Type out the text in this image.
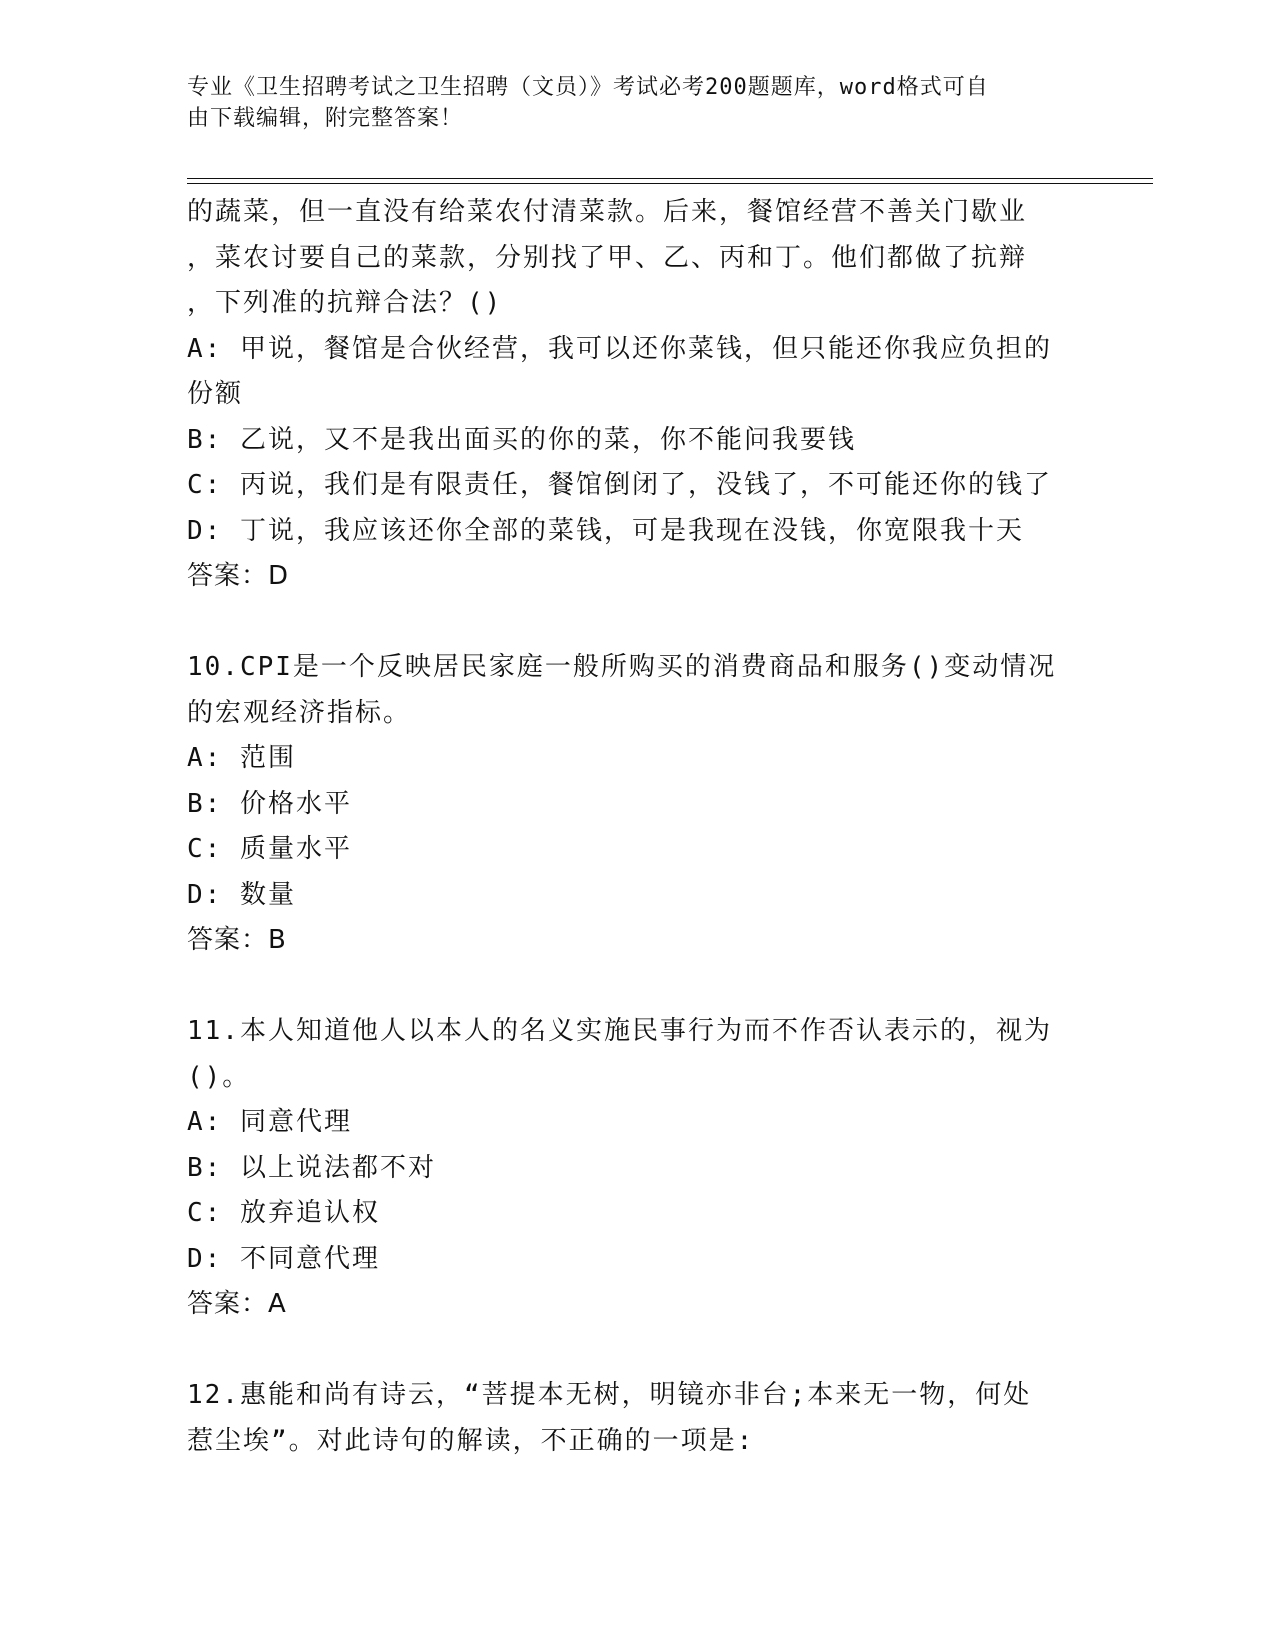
专业《卫生招聘考试之卫生招聘（文员）》考试必考200题题库，word格式可自
由下载编辑，附完整答案！
的蔬菜，但一直没有给菜农付清菜款。后来，餐馆经营不善关门歇业
，菜农讨要自己的菜款，分别找了甲、乙、丙和丁。他们都做了抗辩
，下列准的抗辩合法？()
A: 甲说，餐馆是合伙经营，我可以还你菜钱，但只能还你我应负担的
份额
B: 乙说，又不是我出面买的你的菜，你不能问我要钱
C: 丙说，我们是有限责任，餐馆倒闭了，没钱了，不可能还你的钱了
D: 丁说，我应该还你全部的菜钱，可是我现在没钱，你宽限我十天
答案：D
10.CPI是一个反映居民家庭一般所购买的消费商品和服务()变动情况
的宏观经济指标。
A: 范围
B: 价格水平
C: 质量水平
D: 数量
答案：B
11.本人知道他人以本人的名义实施民事行为而不作否认表示的，视为
()。
A: 同意代理
B: 以上说法都不对
C: 放弃追认权
D: 不同意代理
答案：A
12.惠能和尚有诗云，“菩提本无树，明镜亦非台;本来无一物，何处
惹尘埃”。对此诗句的解读，不正确的一项是:
